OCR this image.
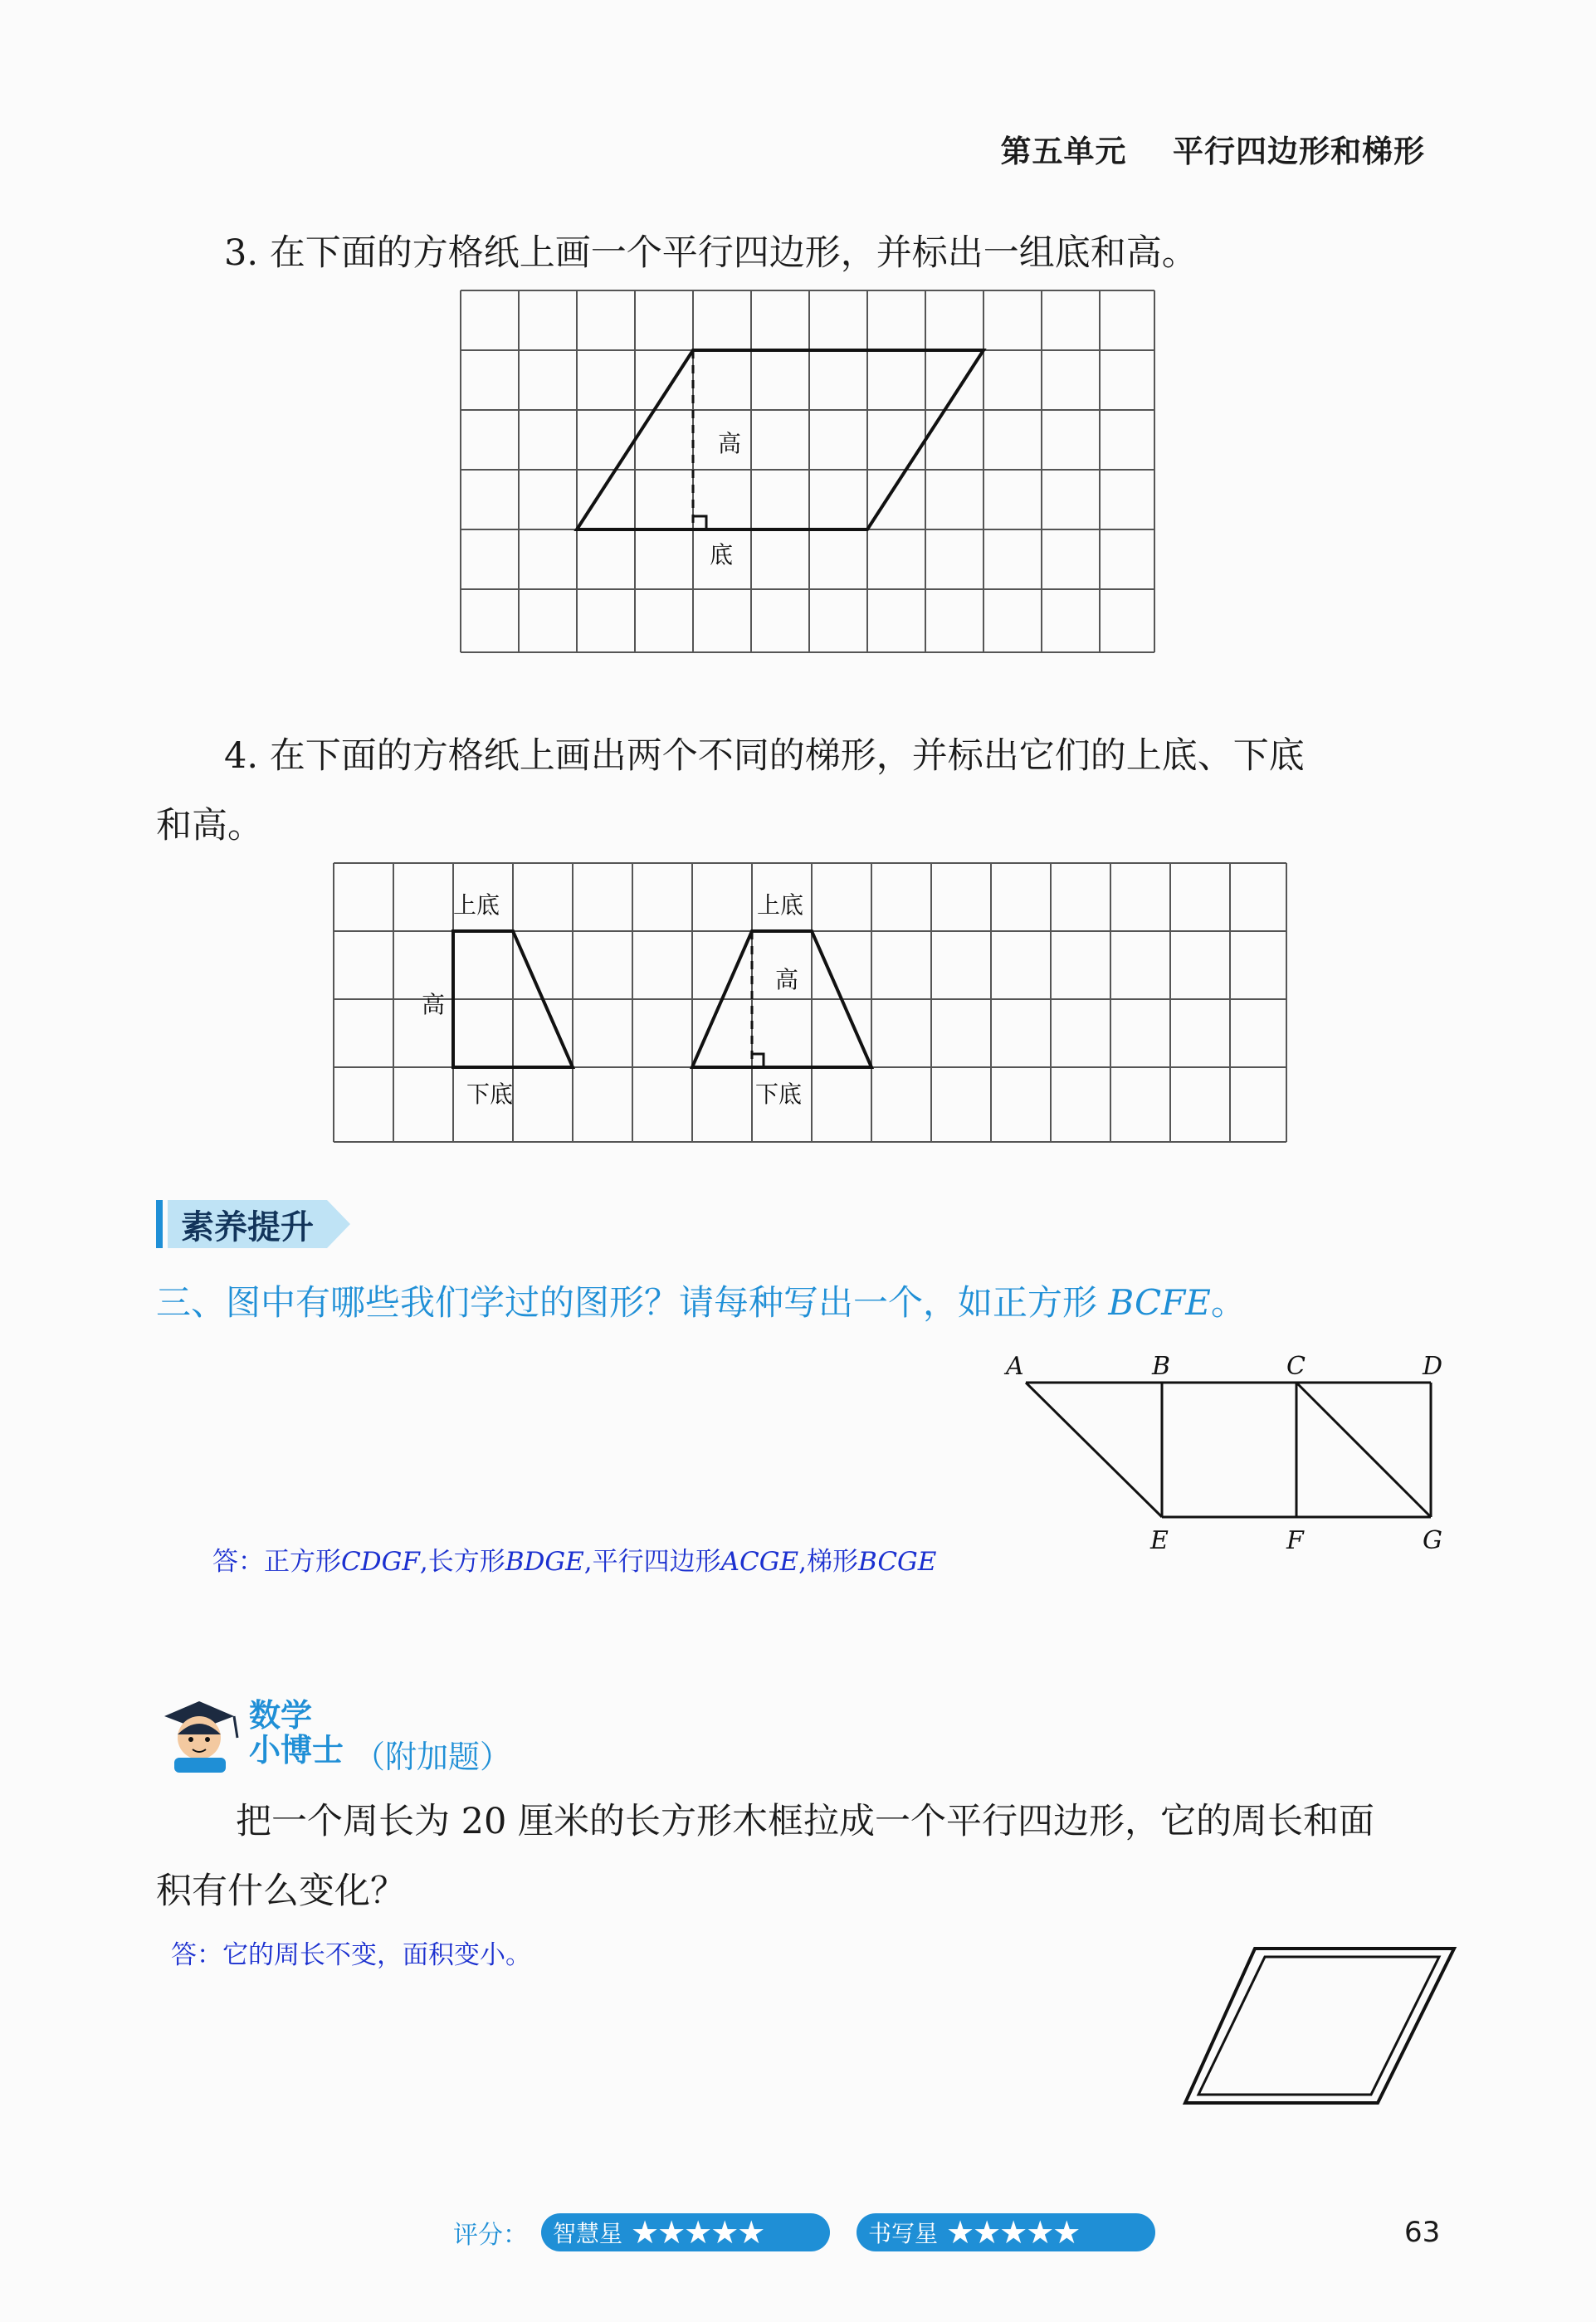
第五单元 平行四边形和梯形
3. 在下面的方格纸上画一个平行四边形，并标出一组底和高。
高
底
4. 在下面的方格纸上画出两个不同的梯形，并标出它们的上底、下底
和高。
上底
高
下底
上底
高
下底
素养提升
三、图中有哪些我们学过的图形？请每种写出一个，如正方形 BCFE。
A	B	C	D
E	F	G
答：正方形CDGF,长方形BDGE,平行四边形ACGE,梯形BCGE
数学
小博士 （附加题）
把一个周长为 20 厘米的长方形木框拉成一个平行四边形，它的周长和面
积有什么变化？
答：它的周长不变，面积变小。
评分： 智慧星 ★★★★★	书写星 ★★★★★	63
